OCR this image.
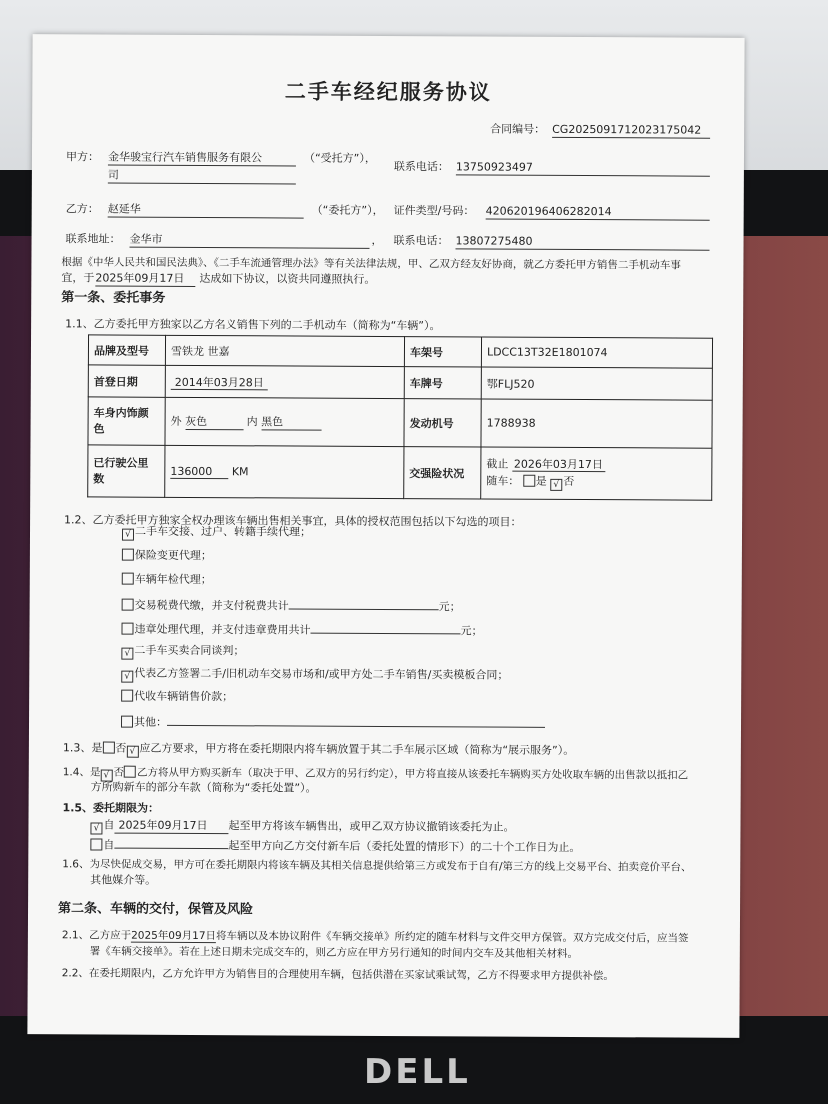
DELL
二手车经纪服务协议
合同编号： CG2025091712023175042
甲方： 金华骏宝行汽车销售服务有限公
司
（“受托方”），
联系电话： 13750923497
乙方： 赵延华	（“委托方”）， 证件类型/号码： 420620196406282014
联系地址： 金华市	， 联系电话： 13807275480
根据《中华人民共和国民法典》、《二手车流通管理办法》等有关法律法规，甲、乙双方经友好协商，就乙方委托甲方销售二手机动车事
宜，于 2025年09月17日	达成如下协议，以资共同遵照执行。
第一条、委托事务
1.1、乙方委托甲方独家以乙方名义销售下列的二手机动车（简称为“车辆”）。
品牌及型号	雪铁龙 世嘉	车架号	LDCC13T32E1801074
首登日期	2014年03月28日	车牌号	鄂FLJ520
车身内饰颜
色	外 灰色 内 黑色	发动机号	1788938
已行驶公里
数	136000 KM	交强险状况	截止 2026年03月17日
随车： 是 √ 否
1.2、乙方委托甲方独家全权办理该车辆出售相关事宜，具体的授权范围包括以下勾选的项目：
√ 二手车交接、过户、转籍手续代理；
保险变更代理；
车辆年检代理；
交易税费代缴，并支付税费共计	元；
违章处理代理，并支付违章费用共计	元；
√ 二手车买卖合同谈判；
√ 代表乙方签署二手/旧机动车交易市场和/或甲方处二手车销售/买卖模板合同；
代收车辆销售价款；
其他：
1.3、是 否 √ 应乙方要求，甲方将在委托期限内将车辆放置于其二手车展示区域（简称为“展示服务”）。
1.4、是 √ 否 乙方将从甲方购买新车（取决于甲、乙双方的另行约定），甲方将直接从该委托车辆购买方处收取车辆的出售款以抵扣乙
方所购新车的部分车款（简称为“委托处置”）。
1.5、委托期限为：
√ 自 2025年09月17日 起至甲方将该车辆售出，或甲乙双方协议撤销该委托为止。
自	起至甲方向乙方交付新车后（委托处置的情形下）的二十个工作日为止。
1.6、为尽快促成交易，甲方可在委托期限内将该车辆及其相关信息提供给第三方或发布于自有/第三方的线上交易平台、拍卖竞价平台、
其他媒介等。
第二条、车辆的交付，保管及风险
2.1、乙方应于2025年09月17日将车辆以及本协议附件《车辆交接单》所约定的随车材料与文件交甲方保管。双方完成交付后，应当签
署《车辆交接单》。若在上述日期未完成交车的，则乙方应在甲方另行通知的时间内交车及其他相关材料。
2.2、在委托期限内，乙方允许甲方为销售目的合理使用车辆，包括供潜在买家试乘试驾，乙方不得要求甲方提供补偿。
